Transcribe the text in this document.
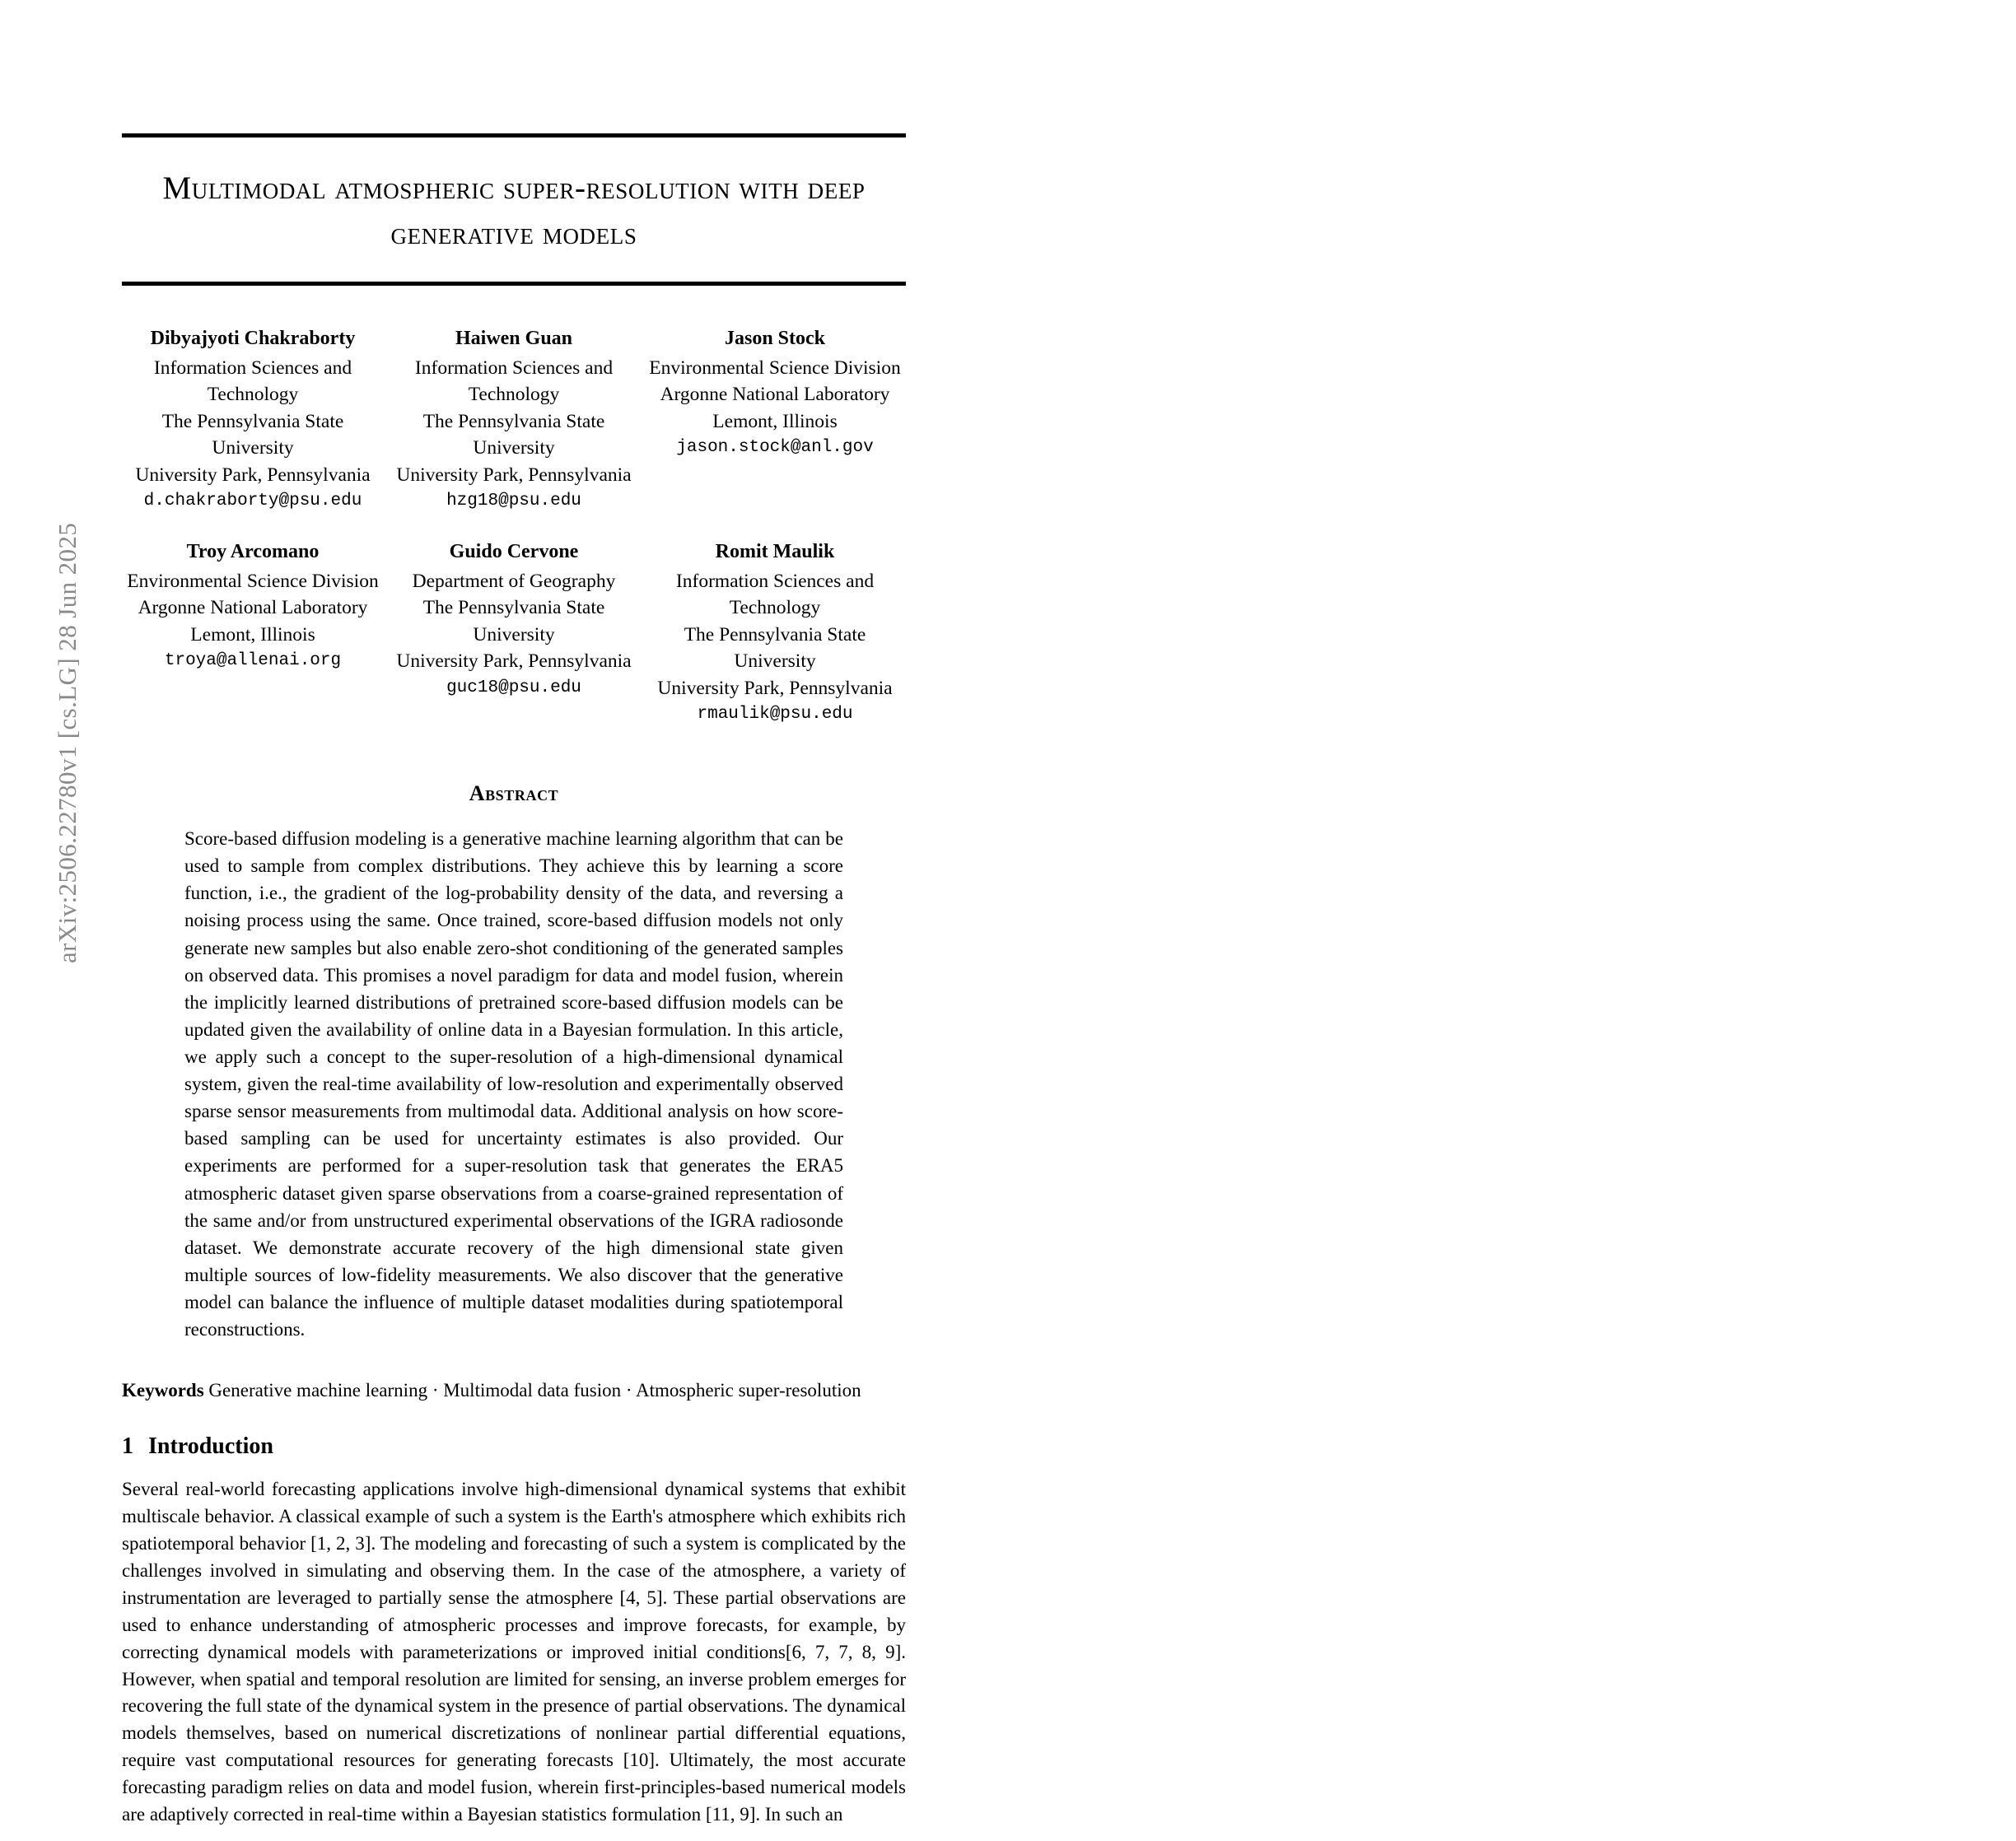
arXiv:2506.22780v1 [cs.LG] 28 Jun 2025
Multimodal atmospheric super-resolution with deep generative models
Dibyajyoti Chakraborty
Information Sciences and Technology
The Pennsylvania State University
University Park, Pennsylvania
d.chakraborty@psu.edu
Haiwen Guan
Information Sciences and Technology
The Pennsylvania State University
University Park, Pennsylvania
hzg18@psu.edu
Jason Stock
Environmental Science Division
Argonne National Laboratory
Lemont, Illinois
jason.stock@anl.gov
Troy Arcomano
Environmental Science Division
Argonne National Laboratory
Lemont, Illinois
troya@allenai.org
Guido Cervone
Department of Geography
The Pennsylvania State University
University Park, Pennsylvania
guc18@psu.edu
Romit Maulik
Information Sciences and Technology
The Pennsylvania State University
University Park, Pennsylvania
rmaulik@psu.edu
Abstract

Score-based diffusion modeling is a generative machine learning algorithm that can be used to sample from complex distributions. They achieve this by learning a score function, i.e., the gradient of the log-probability density of the data, and reversing a noising process using the same. Once trained, score-based diffusion models not only generate new samples but also enable zero-shot conditioning of the generated samples on observed data. This promises a novel paradigm for data and model fusion, wherein the implicitly learned distributions of pretrained score-based diffusion models can be updated given the availability of online data in a Bayesian formulation. In this article, we apply such a concept to the super-resolution of a high-dimensional dynamical system, given the real-time availability of low-resolution and experimentally observed sparse sensor measurements from multimodal data. Additional analysis on how score-based sampling can be used for uncertainty estimates is also provided. Our experiments are performed for a super-resolution task that generates the ERA5 atmospheric dataset given sparse observations from a coarse-grained representation of the same and/or from unstructured experimental observations of the IGRA radiosonde dataset. We demonstrate accurate recovery of the high dimensional state given multiple sources of low-fidelity measurements. We also discover that the generative model can balance the influence of multiple dataset modalities during spatiotemporal reconstructions.

Keywords Generative machine learning · Multimodal data fusion · Atmospheric super-resolution
1 Introduction

Several real-world forecasting applications involve high-dimensional dynamical systems that exhibit multiscale behavior. A classical example of such a system is the Earth's atmosphere which exhibits rich spatiotemporal behavior [1, 2, 3]. The modeling and forecasting of such a system is complicated by the challenges involved in simulating and observing them. In the case of the atmosphere, a variety of instrumentation are leveraged to partially sense the atmosphere [4, 5]. These partial observations are used to enhance understanding of atmospheric processes and improve forecasts, for example, by correcting dynamical models with parameterizations or improved initial conditions[6, 7, 7, 8, 9]. However, when spatial and temporal resolution are limited for sensing, an inverse problem emerges for recovering the full state of the dynamical system in the presence of partial observations. The dynamical models themselves, based on numerical discretizations of nonlinear partial differential equations, require vast computational resources for generating forecasts [10]. Ultimately, the most accurate forecasting paradigm relies on data and model fusion, wherein first-principles-based numerical models are adaptively corrected in real-time within a Bayesian statistics formulation [11, 9]. In such an
